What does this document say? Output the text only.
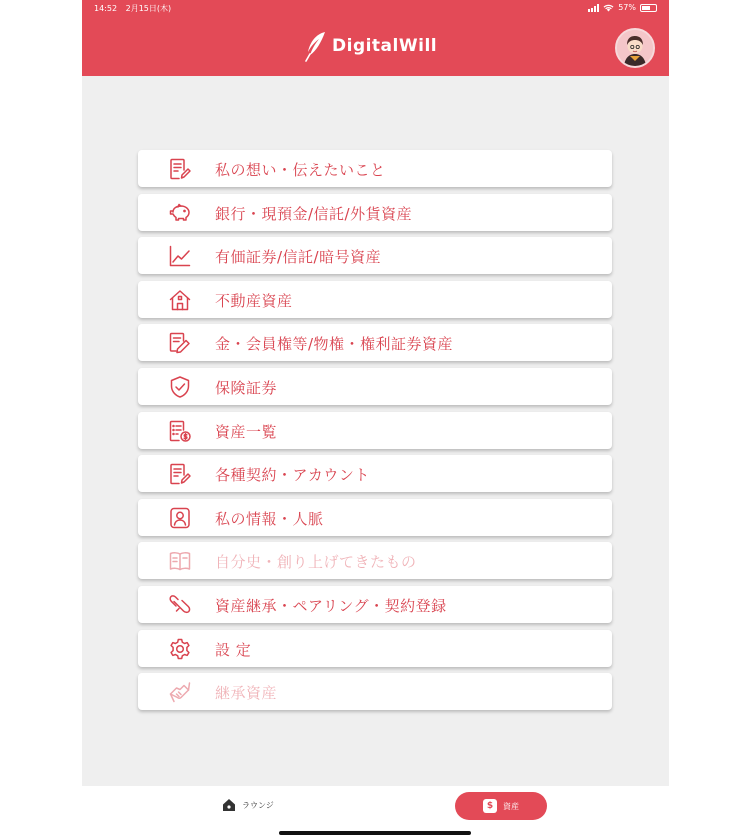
14:52 2月15日(木)	57%
DigitalWill
私の想い・伝えたいこと
銀行・現預金/信託/外貨資産
有価証券/信託/暗号資産
不動産資産
金・会員権等/物権・権利証券資産
保険証券
資産一覧
各種契約・アカウント
私の情報・人脈
自分史・創り上げてきたもの
資産継承・ペアリング・契約登録
設 定
継承資産
ラウンジ	$	資産
